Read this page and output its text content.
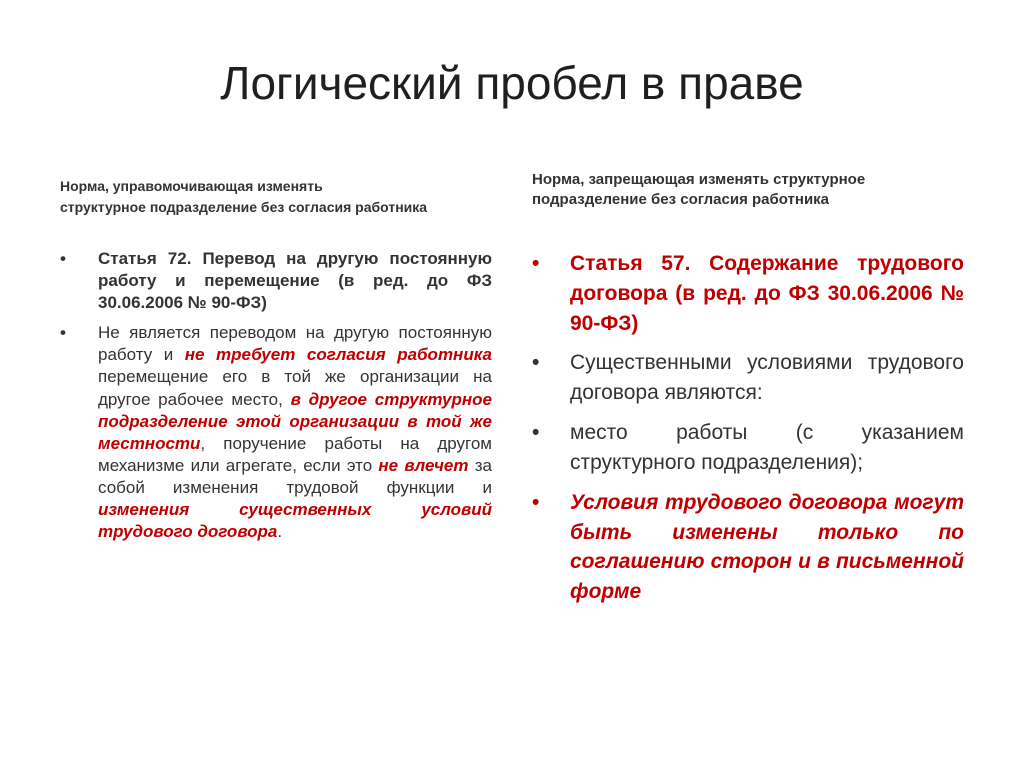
Логический пробел в праве
Норма, управомочивающая изменять
структурное подразделение без согласия работника
• Статья 72. Перевод на другую постоянную работу и перемещение (в ред. до ФЗ 30.06.2006 № 90-ФЗ)
• Не является переводом на другую постоянную работу и не требует согласия работника перемещение его в той же организации на другое рабочее место, в другое структурное подразделение этой организации в той же местности, поручение работы на другом механизме или агрегате, если это не влечет за собой изменения трудовой функции и изменения существенных условий трудового договора.
Норма, запрещающая изменять структурное подразделение без согласия работника
• Статья 57. Содержание трудового договора (в ред. до ФЗ 30.06.2006 № 90-ФЗ)
• Существенными условиями трудового договора являются:
• место работы (с указанием структурного подразделения);
• Условия трудового договора могут быть изменены только по соглашению сторон и в письменной форме
